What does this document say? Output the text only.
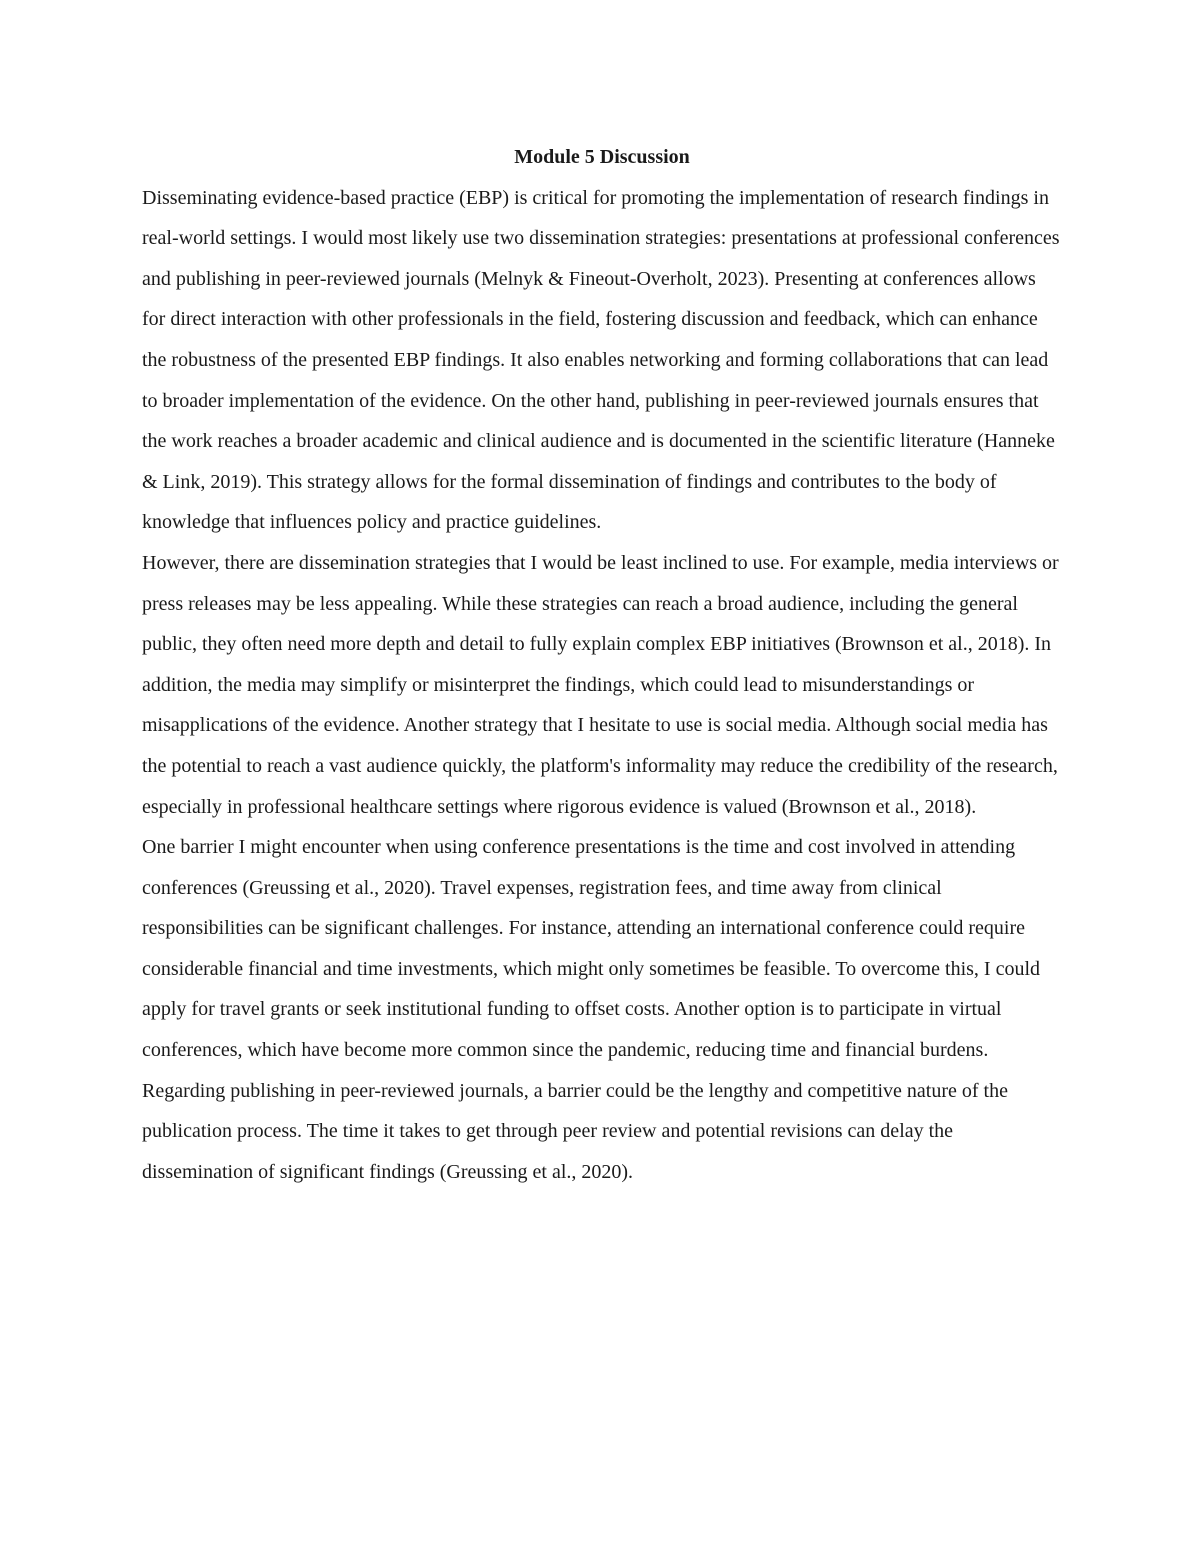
Module 5 Discussion

Disseminating evidence-based practice (EBP) is critical for promoting the implementation of research findings in real-world settings. I would most likely use two dissemination strategies: presentations at professional conferences and publishing in peer-reviewed journals (Melnyk & Fineout-Overholt, 2023). Presenting at conferences allows for direct interaction with other professionals in the field, fostering discussion and feedback, which can enhance the robustness of the presented EBP findings. It also enables networking and forming collaborations that can lead to broader implementation of the evidence. On the other hand, publishing in peer-reviewed journals ensures that the work reaches a broader academic and clinical audience and is documented in the scientific literature (Hanneke & Link, 2019). This strategy allows for the formal dissemination of findings and contributes to the body of knowledge that influences policy and practice guidelines.

However, there are dissemination strategies that I would be least inclined to use. For example, media interviews or press releases may be less appealing. While these strategies can reach a broad audience, including the general public, they often need more depth and detail to fully explain complex EBP initiatives (Brownson et al., 2018). In addition, the media may simplify or misinterpret the findings, which could lead to misunderstandings or misapplications of the evidence. Another strategy that I hesitate to use is social media. Although social media has the potential to reach a vast audience quickly, the platform's informality may reduce the credibility of the research, especially in professional healthcare settings where rigorous evidence is valued (Brownson et al., 2018).

One barrier I might encounter when using conference presentations is the time and cost involved in attending conferences (Greussing et al., 2020). Travel expenses, registration fees, and time away from clinical responsibilities can be significant challenges. For instance, attending an international conference could require considerable financial and time investments, which might only sometimes be feasible. To overcome this, I could apply for travel grants or seek institutional funding to offset costs. Another option is to participate in virtual conferences, which have become more common since the pandemic, reducing time and financial burdens.

Regarding publishing in peer-reviewed journals, a barrier could be the lengthy and competitive nature of the publication process. The time it takes to get through peer review and potential revisions can delay the dissemination of significant findings (Greussing et al., 2020).
